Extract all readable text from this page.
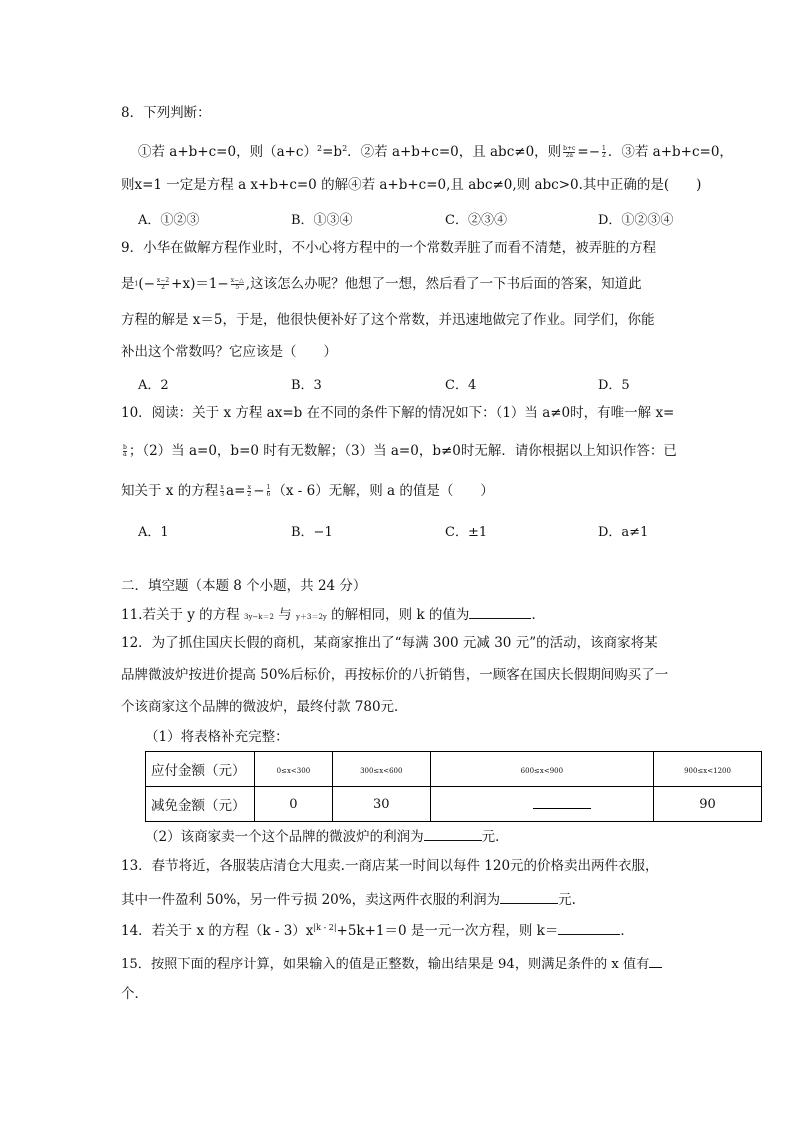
8．下列判断：
①若 a+b+c=0，则$(a+c)^2=b^2$．②若 a+b+c=0，且 abc≠0，则 $\frac{b+c}{2a} =- \frac{1}{2}$ ．③若 a+b+c=0，
则x=1 一定是方程 a x+b+c=0 的解④若 a+b+c=0,且 abc≠0,则 abc>0.其中正确的是(　　)
A．①②③	B．①③④	C．②③④	D．①②③④
9．小华在做解方程作业时，不小心将方程中的一个常数弄脏了而看不清楚，被弄脏的方程
是$1(- \frac{x-2}{2} +x)=1- \frac{x-\triangle}{5}$ ,这该怎么办呢？他想了一想，然后看了一下书后面的答案，知道此
方程的解是 x＝5，于是，他很快便补好了这个常数，并迅速地做完了作业。同学们，你能
补出这个常数吗？它应该是（　　）
A．2	B．3	C．4	D．5
10．阅读：关于 x 方程 ax=b 在不同的条件下解的情况如下：（1）当 a≠0时，有唯一解 x=
$\frac{b}{a}$ ；（2）当 a=0，b=0 时有无数解；（3）当 a=0，b≠0时无解．请你根据以上知识作答：已
知关于 x 的方程 $\frac{x}{3} a= \frac{x}{2} - \frac{1}{6} (x - 6)$无解，则 a 的值是（　　）
A．1	B．−1	C．±1	D．a≠1
二．填空题（本题 8 个小题，共 24 分）
11.若关于 y 的方程 3y−k＝2 与 y＋3＝2y 的解相同，则 k 的值为	．
12．为了抓住国庆长假的商机，某商家推出了“每满 300 元减 30 元”的活动，该商家将某
品牌微波炉按进价提高 50%后标价，再按标价的八折销售，一顾客在国庆长假期间购买了一
个该商家这个品牌的微波炉，最终付款 780元．
（1）将表格补充完整：
应付金额（元）	0≤x<300	300≤x<600	600≤x<900	900≤x<1200
减免金额（元）	0	30		90
（2）该商家卖一个这个品牌的微波炉的利润为	元．
13．春节将近，各服装店清仓大甩卖.一商店某一时间以每件 120元的价格卖出两件衣服，
其中一件盈利 50%，另一件亏损 20%，卖这两件衣服的利润为	元.
14．若关于 x 的方程$(k - 3)x^{|k - 2|}+5k+1=0$ 是一元一次方程，则 k＝	．
15．按照下面的程序计算，如果输入的值是正整数，输出结果是 94，则满足条件的 x 值有
个．
